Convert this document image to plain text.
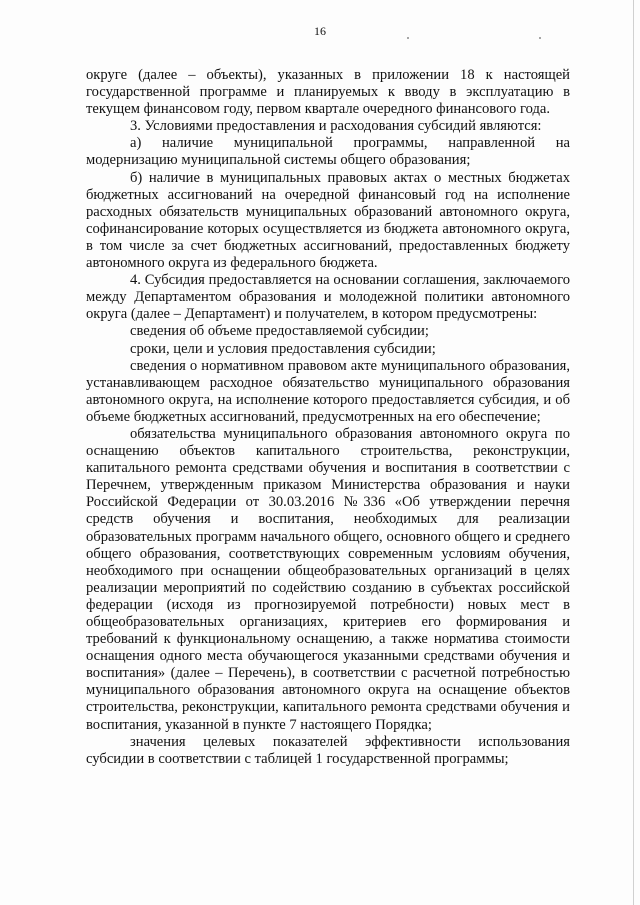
16

округе (далее – объекты), указанных в приложении 18 к настоящей государственной программе и планируемых к вводу в эксплуатацию в текущем финансовом году, первом квартале очередного финансового года.

3. Условиями предоставления и расходования субсидий являются:

а) наличие муниципальной программы, направленной на модернизацию муниципальной системы общего образования;

б) наличие в муниципальных правовых актах о местных бюджетах бюджетных ассигнований на очередной финансовый год на исполнение расходных обязательств муниципальных образований автономного округа, софинансирование которых осуществляется из бюджета автономного округа, в том числе за счет бюджетных ассигнований, предоставленных бюджету автономного округа из федерального бюджета.

4. Субсидия предоставляется на основании соглашения, заключаемого между Департаментом образования и молодежной политики автономного округа (далее – Департамент) и получателем, в котором предусмотрены:

сведения об объеме предоставляемой субсидии;

сроки, цели и условия предоставления субсидии;

сведения о нормативном правовом акте муниципального образования, устанавливающем расходное обязательство муниципального образования автономного округа, на исполнение которого предоставляется субсидия, и об объеме бюджетных ассигнований, предусмотренных на его обеспечение;

обязательства муниципального образования автономного округа по оснащению объектов капитального строительства, реконструкции, капитального ремонта средствами обучения и воспитания в соответствии с Перечнем, утвержденным приказом Министерства образования и науки Российской Федерации от 30.03.2016 №336 «Об утверждении перечня средств обучения и воспитания, необходимых для реализации образовательных программ начального общего, основного общего и среднего общего образования, соответствующих современным условиям обучения, необходимого при оснащении общеобразовательных организаций в целях реализации мероприятий по содействию созданию в субъектах российской федерации (исходя из прогнозируемой потребности) новых мест в общеобразовательных организациях, критериев его формирования и требований к функциональному оснащению, а также норматива стоимости оснащения одного места обучающегося указанными средствами обучения и воспитания» (далее – Перечень), в соответствии с расчетной потребностью муниципального образования автономного округа на оснащение объектов строительства, реконструкции, капитального ремонта средствами обучения и воспитания, указанной в пункте 7 настоящего Порядка;

значения целевых показателей эффективности использования субсидии в соответствии с таблицей 1 государственной программы;
